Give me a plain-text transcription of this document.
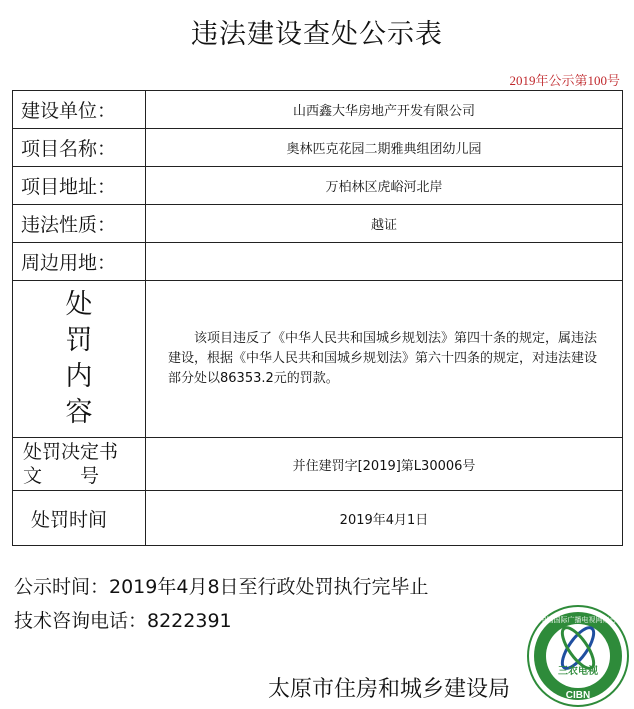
违法建设查处公示表
2019年公示第100号
建设单位：	山西鑫大华房地产开发有限公司
项目名称：	奥林匹克花园二期雅典组团幼儿园
项目地址：	万柏林区虎峪河北岸
违法性质：	越证
周边用地：	

处
罚
内
容	该项目违反了《中华人民共和国城乡规划法》第四十条的规定，属违法建设，根据《中华人民共和国城乡规划法》第六十四条的规定，对违法建设部分处以86353.2元的罚款。

处罚决定书
文　　号	并住建罚字[2019]第L30006号
处罚时间	2019年4月1日
公示时间：2019年4月8日至行政处罚执行完毕止
技术咨询电话：8222391
太原市住房和城乡建设局
三农电视
CIBN
中国国际广播电视网络台
